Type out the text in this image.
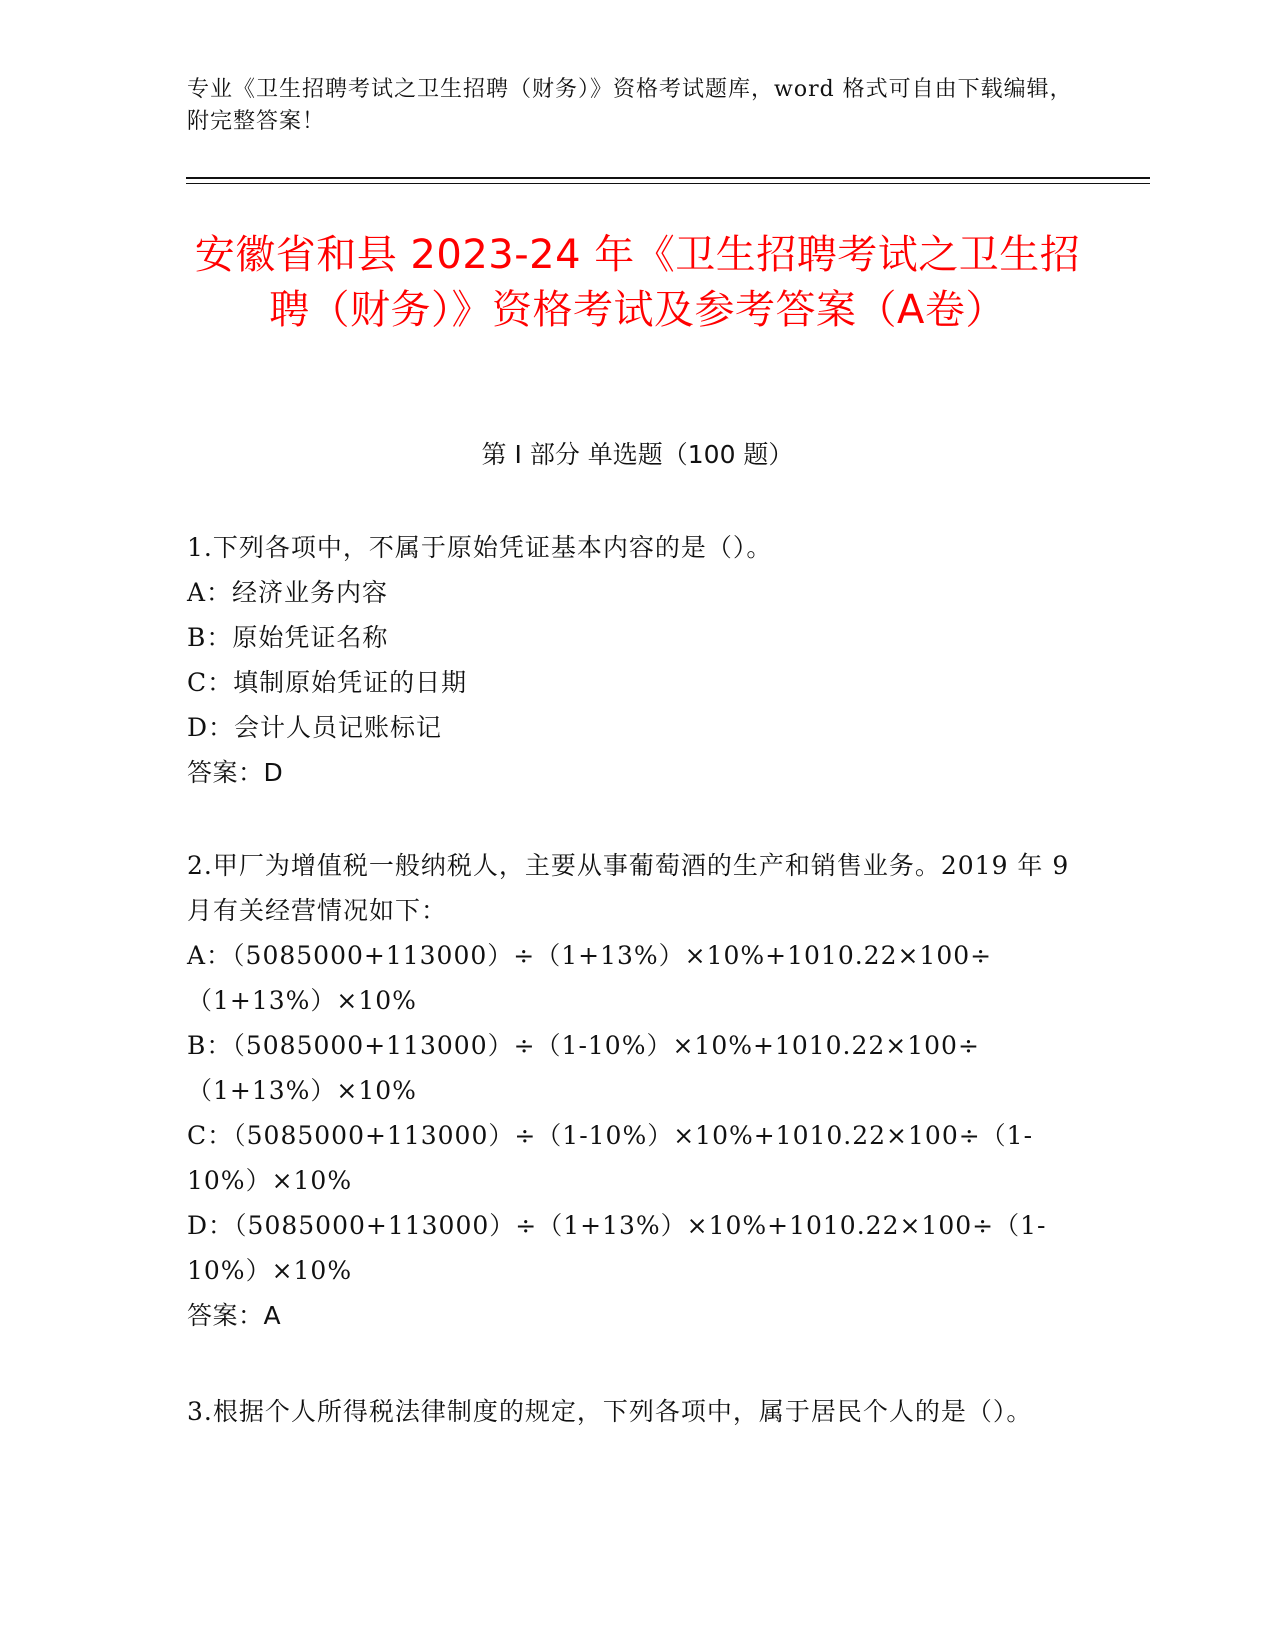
专业《卫生招聘考试之卫生招聘（财务）》资格考试题库，word 格式可自由下载编辑，附完整答案！
安徽省和县 2023-24 年《卫生招聘考试之卫生招聘（财务）》资格考试及参考答案（A卷）
第 I 部分 单选题（100 题）
1.下列各项中，不属于原始凭证基本内容的是（）。
A：经济业务内容
B：原始凭证名称
C：填制原始凭证的日期
D：会计人员记账标记
答案：D
2.甲厂为增值税一般纳税人，主要从事葡萄酒的生产和销售业务。2019 年 9 月有关经营情况如下：
A：（5085000+113000）÷（1+13%）×10%+1010.22×100÷（1+13%）×10%
B：（5085000+113000）÷（1-10%）×10%+1010.22×100÷（1+13%）×10%
C：（5085000+113000）÷（1-10%）×10%+1010.22×100÷（1-10%）×10%
D：（5085000+113000）÷（1+13%）×10%+1010.22×100÷（1-10%）×10%
答案：A
3.根据个人所得税法律制度的规定，下列各项中，属于居民个人的是（）。
